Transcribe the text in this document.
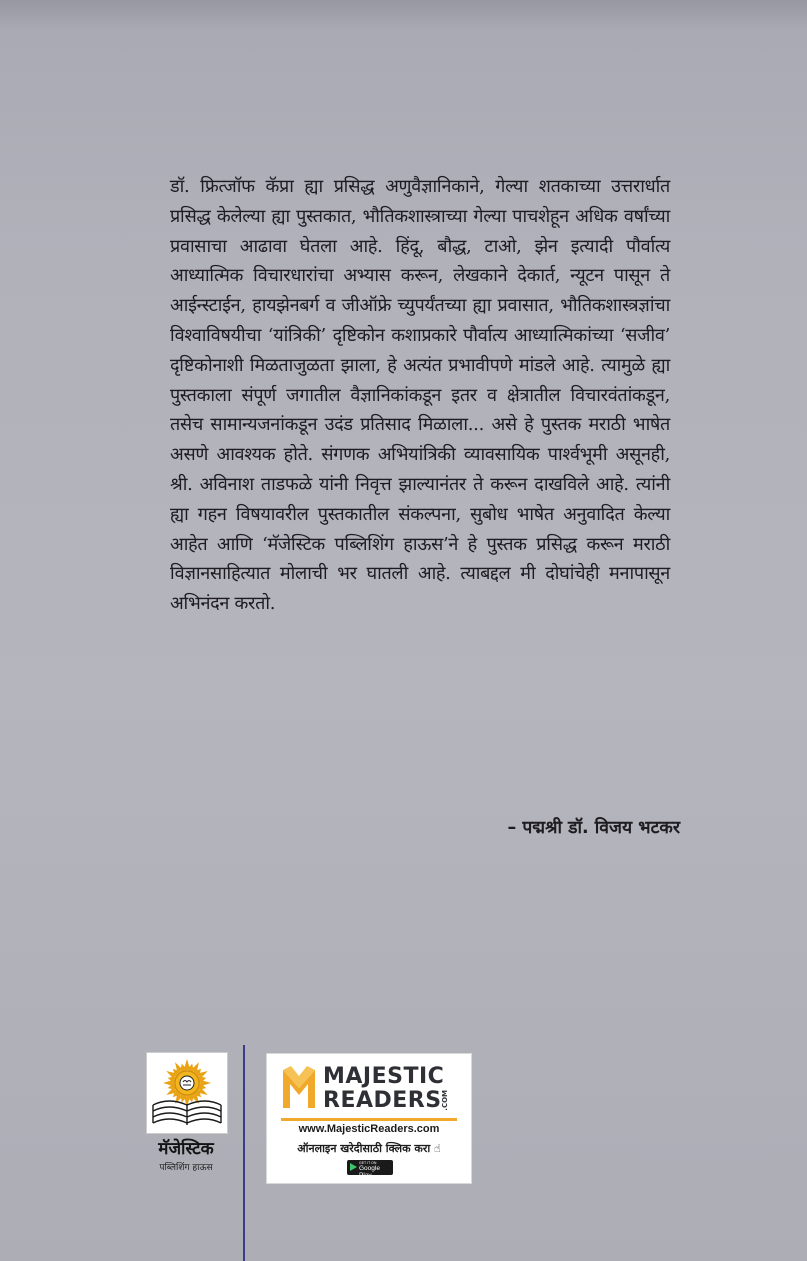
डॉ. फ्रित्जॉफ कॅप्रा ह्या प्रसिद्ध अणुवैज्ञानिकाने, गेल्या शतकाच्या उत्तरार्धात प्रसिद्ध केलेल्या ह्या पुस्तकात, भौतिकशास्त्राच्या गेल्या पाचशेहून अधिक वर्षांच्या प्रवासाचा आढावा घेतला आहे. हिंदू, बौद्ध, टाओ, झेन इत्यादी पौर्वात्य आध्यात्मिक विचारधारांचा अभ्यास करून, लेखकाने देकार्त, न्यूटन पासून ते आईन्स्टाईन, हायझेनबर्ग व जीऑफ्रे च्युपर्यंतच्या ह्या प्रवासात, भौतिकशास्त्रज्ञांचा विश्वाविषयीचा ‘यांत्रिकी’ दृष्टिकोन कशाप्रकारे पौर्वात्य आध्यात्मिकांच्या ‘सजीव’ दृष्टिकोनाशी मिळताजुळता झाला, हे अत्यंत प्रभावीपणे मांडले आहे. त्यामुळे ह्या पुस्तकाला संपूर्ण जगातील वैज्ञानिकांकडून इतर व क्षेत्रातील विचारवंतांकडून, तसेच सामान्यजनांकडून उदंड प्रतिसाद मिळाला... असे हे पुस्तक मराठी भाषेत असणे आवश्यक होते. संगणक अभियांत्रिकी व्यावसायिक पार्श्वभूमी असूनही, श्री. अविनाश ताडफळे यांनी निवृत्त झाल्यानंतर ते करून दाखविले आहे. त्यांनी ह्या गहन विषयावरील पुस्तकातील संकल्पना, सुबोध भाषेत अनुवादित केल्या आहेत आणि ‘मॅजेस्टिक पब्लिशिंग हाऊस’ने हे पुस्तक प्रसिद्ध करून मराठी विज्ञानसाहित्यात मोलाची भर घातली आहे. त्याबद्दल मी दोघांचेही मनापासून अभिनंदन करतो.

– पद्मश्री डॉ. विजय भटकर
मॅजेस्टिक
पब्लिशिंग हाऊस
MAJESTIC
READERS .COM
www.MajesticReaders.com
ऑनलाइन खरेदीसाठी क्लिक करा ☝
GET IT ON
Google Play
